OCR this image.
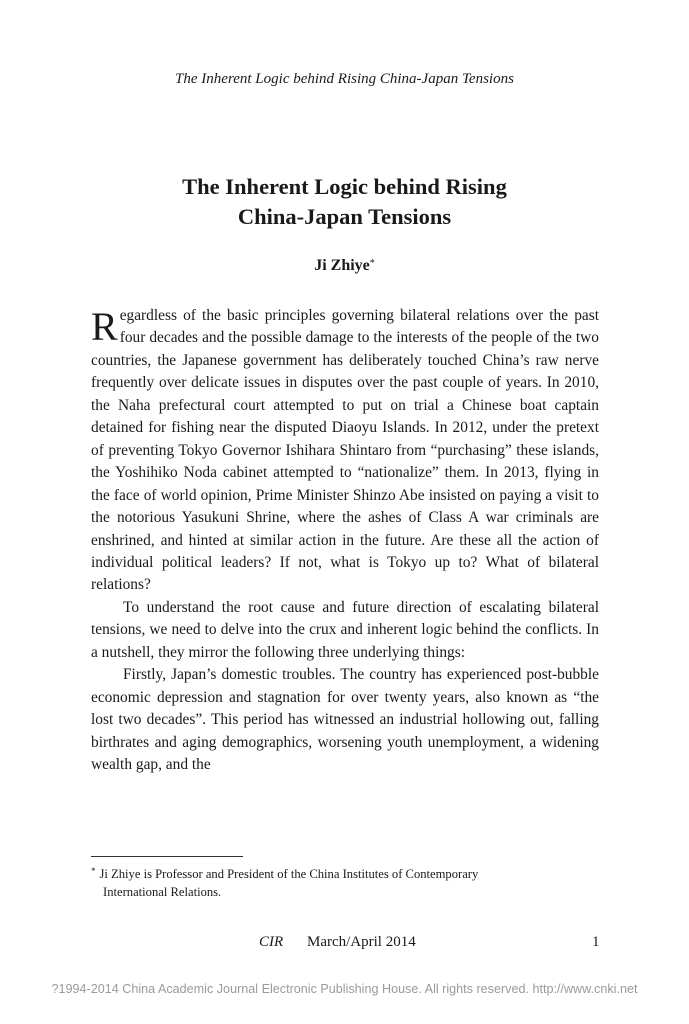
The Inherent Logic behind Rising China-Japan Tensions
The Inherent Logic behind Rising
China-Japan Tensions
Ji Zhiye*

Regardless of the basic principles governing bilateral relations over the past four decades and the possible damage to the interests of the people of the two countries, the Japanese government has deliberately touched China’s raw nerve frequently over delicate issues in disputes over the past couple of years. In 2010, the Naha prefectural court attempted to put on trial a Chinese boat captain detained for fishing near the disputed Diaoyu Islands. In 2012, under the pretext of preventing Tokyo Governor Ishihara Shintaro from “purchasing” these islands, the Yoshihiko Noda cabinet attempted to “nationalize” them. In 2013, flying in the face of world opinion, Prime Minister Shinzo Abe insisted on paying a visit to the notorious Yasukuni Shrine, where the ashes of Class A war criminals are enshrined, and hinted at similar action in the future. Are these all the action of individual political leaders? If not, what is Tokyo up to? What of bilateral relations?

To understand the root cause and future direction of escalating bilateral tensions, we need to delve into the crux and inherent logic behind the conflicts. In a nutshell, they mirror the following three underlying things:

Firstly, Japan’s domestic troubles. The country has experienced post-bubble economic depression and stagnation for over twenty years, also known as “the lost two decades”. This period has witnessed an industrial hollowing out, falling birthrates and aging demographics, worsening youth unemployment, a widening wealth gap, and the

* Ji Zhiye is Professor and President of the China Institutes of Contemporary
International Relations.
CIR March/April 2014	1
?1994-2014 China Academic Journal Electronic Publishing House. All rights reserved. http://www.cnki.net
